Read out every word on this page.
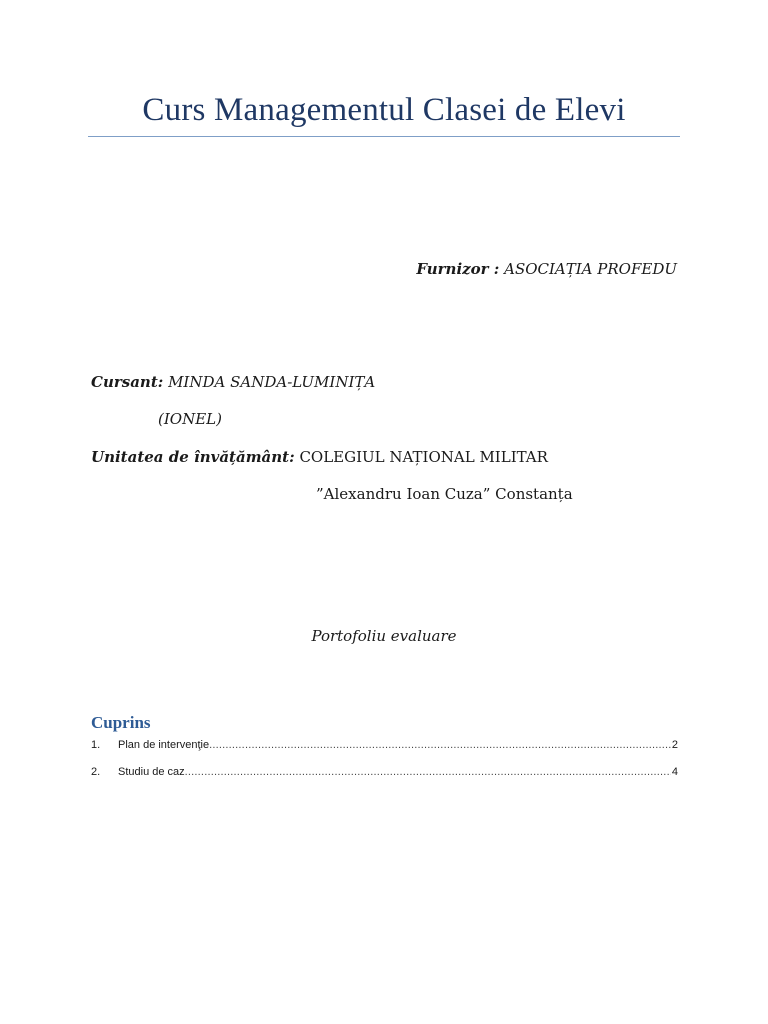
Curs Managementul Clasei de Elevi
Furnizor : ASOCIAȚIA PROFEDU
Cursant: MINDA SANDA-LUMINIȚA
(IONEL)
Unitatea de învățământ: COLEGIUL NAȚIONAL MILITAR
”Alexandru Ioan Cuza” Constanța
Portofoliu evaluare
Cuprins
1.	Plan de intervenţie .....	2
2.	Studiu de caz .....	4
